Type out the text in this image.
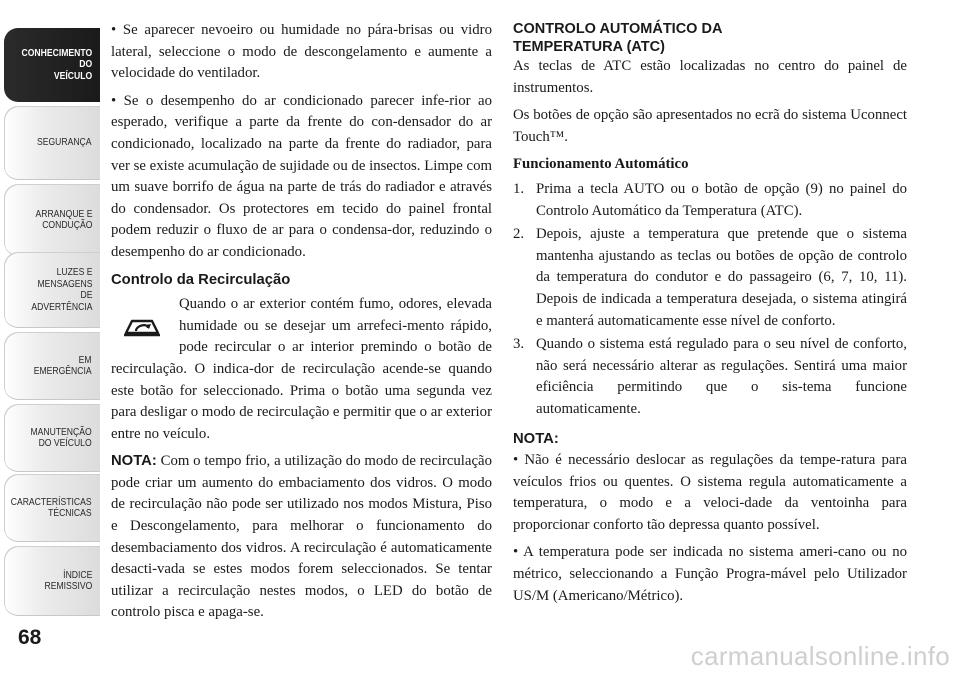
CONHECIMENTO
DO
VEÍCULO
SEGURANÇA
ARRANQUE E
CONDUÇÃO
LUZES E
MENSAGENS
DE
ADVERTÊNCIA
EM
EMERGÊNCIA
MANUTENÇÃO
DO VEÍCULO
CARACTERÍSTICAS
TÉCNICAS
ÍNDICE
REMISSIVO
68

• Se aparecer nevoeiro ou humidade no pára-brisas ou vidro lateral, seleccione o modo de descongelamento e aumente a velocidade do ventilador.

• Se o desempenho do ar condicionado parecer infe-rior ao esperado, verifique a parte da frente do con-densador do ar condicionado, localizado na parte da frente do radiador, para ver se existe acumulação de sujidade ou de insectos. Limpe com um suave borrifo de água na parte de trás do radiador e através do condensador. Os protectores em tecido do painel frontal podem reduzir o fluxo de ar para o condensa-dor, reduzindo o desempenho do ar condicionado.

Controlo da Recirculação

Quando o ar exterior contém fumo, odores, elevada humidade ou se desejar um arrefeci-mento rápido, pode recircular o ar interior premindo o botão de recirculação. O indica-dor de recirculação acende-se quando este botão for seleccionado. Prima o botão uma segunda vez para desligar o modo de recirculação e permitir que o ar exterior entre no veículo.

NOTA: Com o tempo frio, a utilização do modo de recirculação pode criar um aumento do embaciamento dos vidros. O modo de recirculação não pode ser utilizado nos modos Mistura, Piso e Descongelamento, para melhorar o funcionamento do desembaciamento dos vidros. A recirculação é automaticamente desacti-vada se estes modos forem seleccionados. Se tentar utilizar a recirculação nestes modos, o LED do botão de controlo pisca e apaga-se.

CONTROLO AUTOMÁTICO DA
TEMPERATURA (ATC)

As teclas de ATC estão localizadas no centro do painel de instrumentos.

Os botões de opção são apresentados no ecrã do sistema Uconnect Touch™.

Funcionamento Automático

1. Prima a tecla AUTO ou o botão de opção (9) no painel do Controlo Automático da Temperatura (ATC).
2. Depois, ajuste a temperatura que pretende que o sistema mantenha ajustando as teclas ou botões de opção de controlo da temperatura do condutor e do passageiro (6, 7, 10, 11). Depois de indicada a temperatura desejada, o sistema atingirá e manterá automaticamente esse nível de conforto.
3. Quando o sistema está regulado para o seu nível de conforto, não será necessário alterar as regulações. Sentirá uma maior eficiência permitindo que o sis-tema funcione automaticamente.
NOTA:

• Não é necessário deslocar as regulações da tempe-ratura para veículos frios ou quentes. O sistema regula automaticamente a temperatura, o modo e a veloci-dade da ventoinha para proporcionar conforto tão depressa quanto possível.

• A temperatura pode ser indicada no sistema ameri-cano ou no métrico, seleccionando a Função Progra-mável pelo Utilizador US/M (Americano/Métrico).

carmanualsonline.info
